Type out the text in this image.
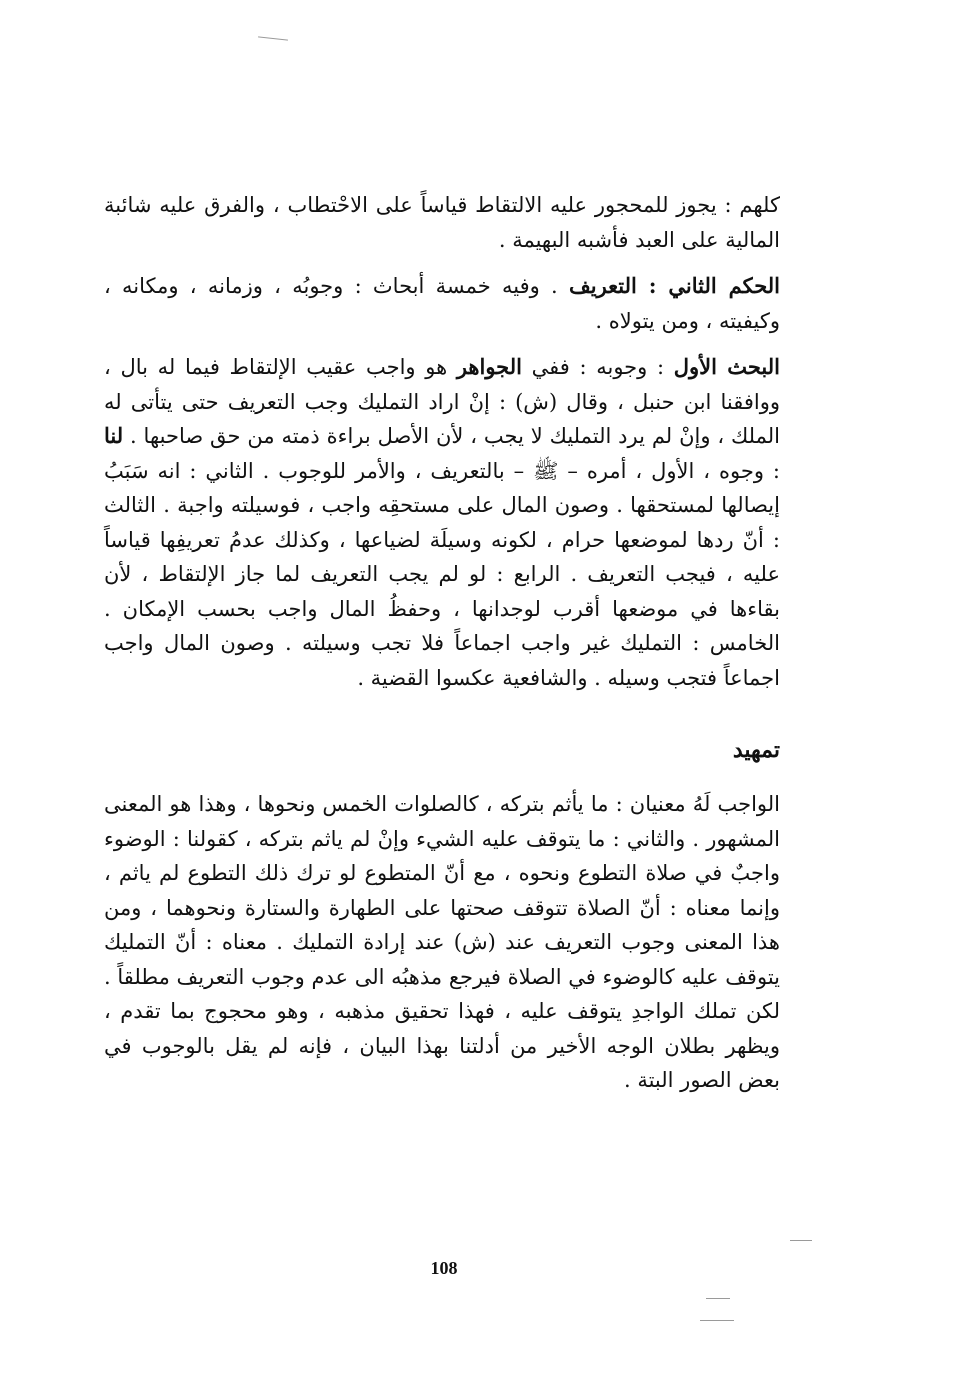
كلهم : يجوز للمحجور عليه الالتقاط قياساً على الاحْتطاب ، والفرق عليه شائبة المالية على العبد فأشبه البهيمة .

الحكم الثاني : التعريف . وفيه خمسة أبحاث : وجوبُه ، وزمانه ، ومكانه ، وكيفيته ، ومن يتولاه .

البحث الأول : وجوبه : ففي الجواهر هو واجب عقيب الإلتقاط فيما له بال ، ووافقنا ابن حنبل ، وقال (ش) : إنْ اراد التمليك وجب التعريف حتى يتأتى له الملك ، وإنْ لم يرد التمليك لا يجب ، لأن الأصل براءة ذمته من حق صاحبها . لنا : وجوه ، الأول ، أمره – ﷺ – بالتعريف ، والأمر للوجوب . الثاني : انه سَبَبُ إيصالها لمستحقها . وصون المال على مستحقِه واجب ، فوسيلته واجبة . الثالث : أنّ ردها لموضعها حرام ، لكونه وسيلَة لضياعها ، وكذلك عدمُ تعريفِها قياساً عليه ، فيجب التعريف . الرابع : لو لم يجب التعريف لما جاز الإلتقاط ، لأن بقاءها في موضعها أقرب لوجدانها ، وحفظُ المال واجب بحسب الإمكان . الخامس : التمليك غير واجب اجماعاً فلا تجب وسيلته . وصون المال واجب اجماعاً فتجب وسيله . والشافعية عكسوا القضية .

تمهيد

الواجب لَهُ معنيان : ما يأثم بتركه ، كالصلوات الخمس ونحوها ، وهذا هو المعنى المشهور . والثاني : ما يتوقف عليه الشيء وإنْ لم ياثم بتركه ، كقولنا : الوضوء واجبٌ في صلاة التطوع ونحوه ، مع أنّ المتطوع لو ترك ذلك التطوع لم ياثم ، وإنما معناه : أنّ الصلاة تتوقف صحتها على الطهارة والستارة ونحوهما ، ومن هذا المعنى وجوب التعريف عند (ش) عند إرادة التمليك . معناه : أنّ التمليك يتوقف عليه كالوضوء في الصلاة فيرجع مذهبُه الى عدم وجوب التعريف مطلقاً . لكن تملك الواجدِ يتوقف عليه ، فهذا تحقيق مذهبه ، وهو محجوج بما تقدم ، ويظهر بطلان الوجه الأخير من أدلتنا بهذا البيان ، فإنه لم يقل بالوجوب في بعض الصور البتة .

108
